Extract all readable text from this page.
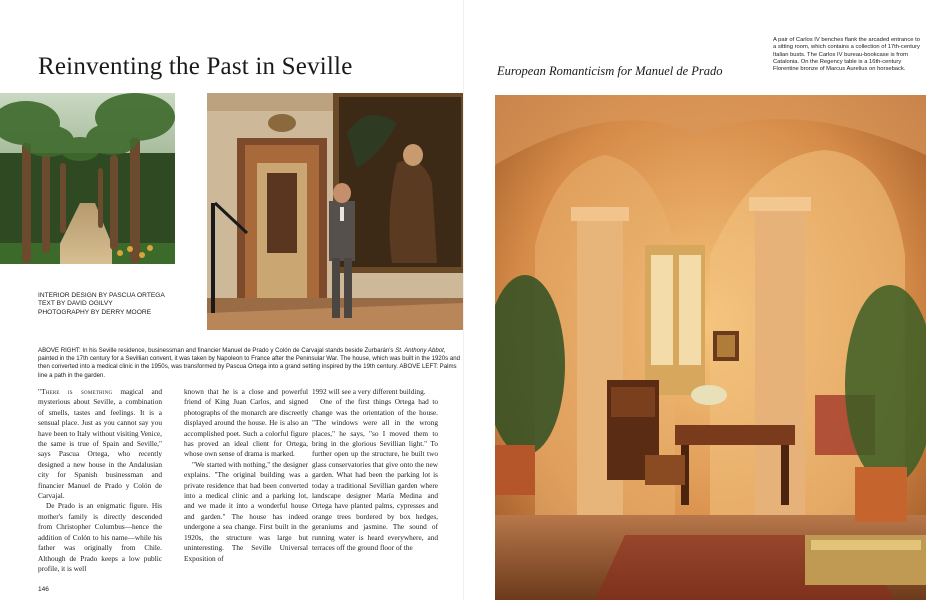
Reinventing the Past in Seville	European Romanticism for Manuel de Prado
A pair of Carlos IV benches flank the arcaded entrance to a sitting room, which contains a collection of 17th-century Italian busts. The Carlos IV bureau-bookcase is from Catalonia. On the Regency table is a 16th-century Florentine bronze of Marcus Aurelius on horseback.
INTERIOR DESIGN BY PASCUA ORTEGA
TEXT BY DAVID OGILVY
PHOTOGRAPHY BY DERRY MOORE
ABOVE RIGHT: In his Seville residence, businessman and financier Manuel de Prado y Colón de Carvajal stands beside Zurbarán's St. Anthony Abbot, painted in the 17th century for a Sevillian convent, it was taken by Napoleon to France after the Peninsular War. The house, which was built in the 1920s and then converted into a medical clinic in the 1950s, was transformed by Pascua Ortega into a grand setting inspired by the 19th century. ABOVE LEFT: Palms line a path in the garden.

"There is something magical and mysterious about Seville, a combination of smells, tastes and feelings. It is a sensual place. Just as you cannot say you have been to Italy without visiting Venice, the same is true of Spain and Seville," says Pascua Ortega, who recently designed a new house in the Andalusian city for Spanish businessman and financier Manuel de Prado y Colón de Carvajal.

De Prado is an enigmatic figure. His mother's family is directly descended from Christopher Columbus—hence the addition of Colón to his name—while his father was originally from Chile. Although de Prado keeps a low public profile, it is well

known that he is a close and powerful friend of King Juan Carlos, and signed photographs of the monarch are discreetly displayed around the house. He is also an accomplished poet. Such a colorful figure has proved an ideal client for Ortega, whose own sense of drama is marked.

"We started with nothing," the designer explains. "The original building was a private residence that had been converted into a medical clinic and a parking lot, and we made it into a wonderful house and garden." The house has indeed undergone a sea change. First built in the 1920s, the structure was large but uninteresting. The Seville Universal Exposition of

1992 will see a very different building.

One of the first things Ortega had to change was the orientation of the house. "The windows were all in the wrong places," he says, "so I moved them to bring in the glorious Sevillian light." To further open up the structure, he built two glass conservatories that give onto the new garden. What had been the parking lot is today a traditional Sevillian garden where landscape designer María Medina and Ortega have planted palms, cypresses and orange trees bordered by box hedges, geraniums and jasmine. The sound of running water is heard everywhere, and terraces off the ground floor of the

146
